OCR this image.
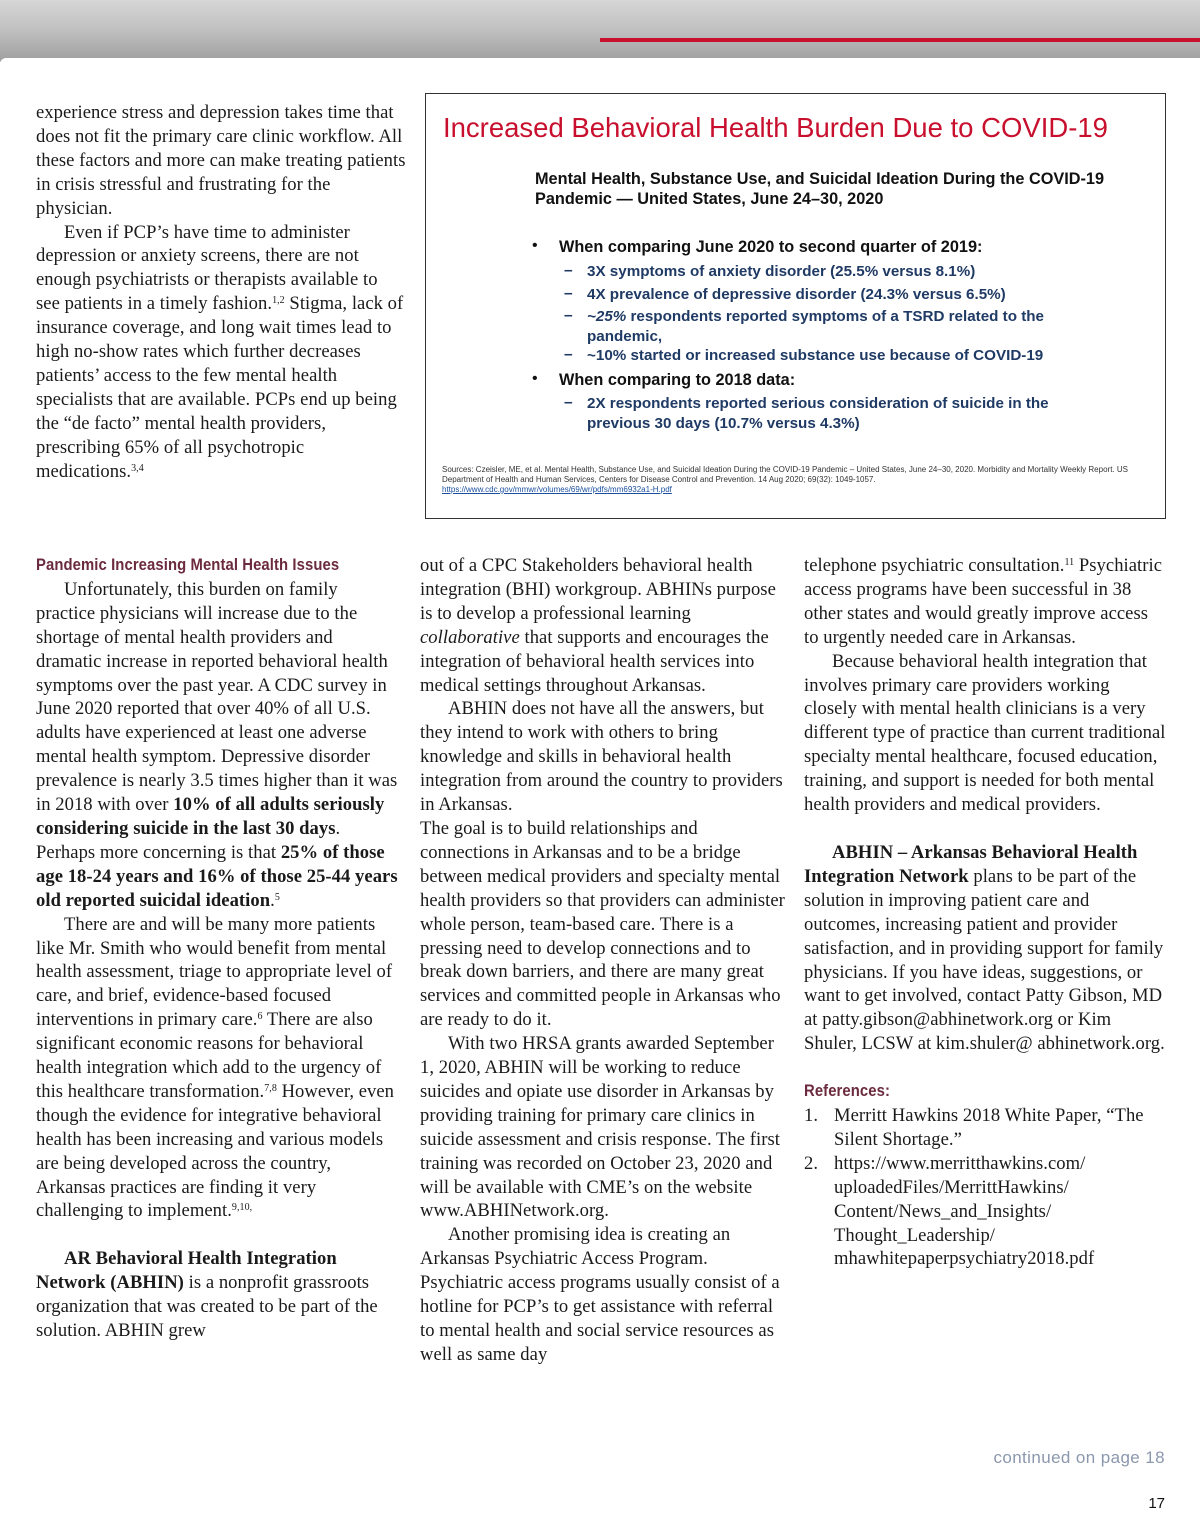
experience stress and depression takes time that does not fit the primary care clinic workflow. All these factors and more can make treating patients in crisis stressful and frustrating for the physician.

Even if PCP’s have time to administer depression or anxiety screens, there are not enough psychiatrists or therapists available to see patients in a timely fashion.$^{1,2}$ Stigma, lack of insurance coverage, and long wait times lead to high no-show rates which further decreases patients’ access to the few mental health specialists that are available. PCPs end up being the “de facto” mental health providers, prescribing 65% of all psychotropic medications.$^{3,4}$

Increased Behavioral Health Burden Due to COVID-19
Mental Health, Substance Use, and Suicidal Ideation During the COVID-19 Pandemic — United States, June 24–30, 2020
• When comparing June 2020 to second quarter of 2019:
– 3X symptoms of anxiety disorder (25.5% versus 8.1%)
– 4X prevalence of depressive disorder (24.3% versus 6.5%)
– ~25% respondents reported symptoms of a TSRD related to the pandemic,
– ~10% started or increased substance use because of COVID-19
• When comparing to 2018 data:
– 2X respondents reported serious consideration of suicide in the previous 30 days (10.7% versus 4.3%)
Sources: Czeisler, ME, et al. Mental Health, Substance Use, and Suicidal Ideation During the COVID-19 Pandemic – United States, June 24–30, 2020. Morbidity and Mortality Weekly Report. US Department of Health and Human Services, Centers for Disease Control and Prevention. 14 Aug 2020; 69(32): 1049-1057.
https://www.cdc.gov/mmwr/volumes/69/wr/pdfs/mm6932a1-H.pdf
Pandemic Increasing Mental Health Issues

Unfortunately, this burden on family practice physicians will increase due to the shortage of mental health providers and dramatic increase in reported behavioral health symptoms over the past year. A CDC survey in June 2020 reported that over 40% of all U.S. adults have experienced at least one adverse mental health symptom. Depressive disorder prevalence is nearly 3.5 times higher than it was in 2018 with over 10% of all adults seriously considering suicide in the last 30 days. Perhaps more concerning is that 25% of those age 18-24 years and 16% of those 25-44 years old reported suicidal ideation.$^5$

There are and will be many more patients like Mr. Smith who would benefit from mental health assessment, triage to appropriate level of care, and brief, evidence-based focused interventions in primary care.$^6$ There are also significant economic reasons for behavioral health integration which add to the urgency of this healthcare transformation.$^{7,8}$ However, even though the evidence for integrative behavioral health has been increasing and various models are being developed across the country, Arkansas practices are finding it very challenging to implement.$^{9,10,}$

AR Behavioral Health Integration Network (ABHIN) is a nonprofit grassroots organization that was created to be part of the solution. ABHIN grew

out of a CPC Stakeholders behavioral health integration (BHI) workgroup. ABHINs purpose is to develop a professional learning collaborative that supports and encourages the integration of behavioral health services into medical settings throughout Arkansas.

ABHIN does not have all the answers, but they intend to work with others to bring knowledge and skills in behavioral health integration from around the country to providers in Arkansas.

The goal is to build relationships and connections in Arkansas and to be a bridge between medical providers and specialty mental health providers so that providers can administer whole person, team-based care. There is a pressing need to develop connections and to break down barriers, and there are many great services and committed people in Arkansas who are ready to do it.

With two HRSA grants awarded September 1, 2020, ABHIN will be working to reduce suicides and opiate use disorder in Arkansas by providing training for primary care clinics in suicide assessment and crisis response. The first training was recorded on October 23, 2020 and will be available with CME’s on the website www.ABHINetwork.org.

Another promising idea is creating an Arkansas Psychiatric Access Program. Psychiatric access programs usually consist of a hotline for PCP’s to get assistance with referral to mental health and social service resources as well as same day

telephone psychiatric consultation.$^{11}$ Psychiatric access programs have been successful in 38 other states and would greatly improve access to urgently needed care in Arkansas.

Because behavioral health integration that involves primary care providers working closely with mental health clinicians is a very different type of practice than current traditional specialty mental healthcare, focused education, training, and support is needed for both mental health providers and medical providers.

ABHIN – Arkansas Behavioral Health Integration Network plans to be part of the solution in improving patient care and outcomes, increasing patient and provider satisfaction, and in providing support for family physicians. If you have ideas, suggestions, or want to get involved, contact Patty Gibson, MD at patty.gibson@abhinetwork.org or Kim Shuler, LCSW at kim.shuler@ abhinetwork.org.

References:
1. Merritt Hawkins 2018 White Paper, “The Silent Shortage.”
2. https://www.merritthawkins.com/ uploadedFiles/MerrittHawkins/ Content/News_and_Insights/ Thought_Leadership/ mhawhitepaperpsychiatry2018.pdf
continued on page 18
17
